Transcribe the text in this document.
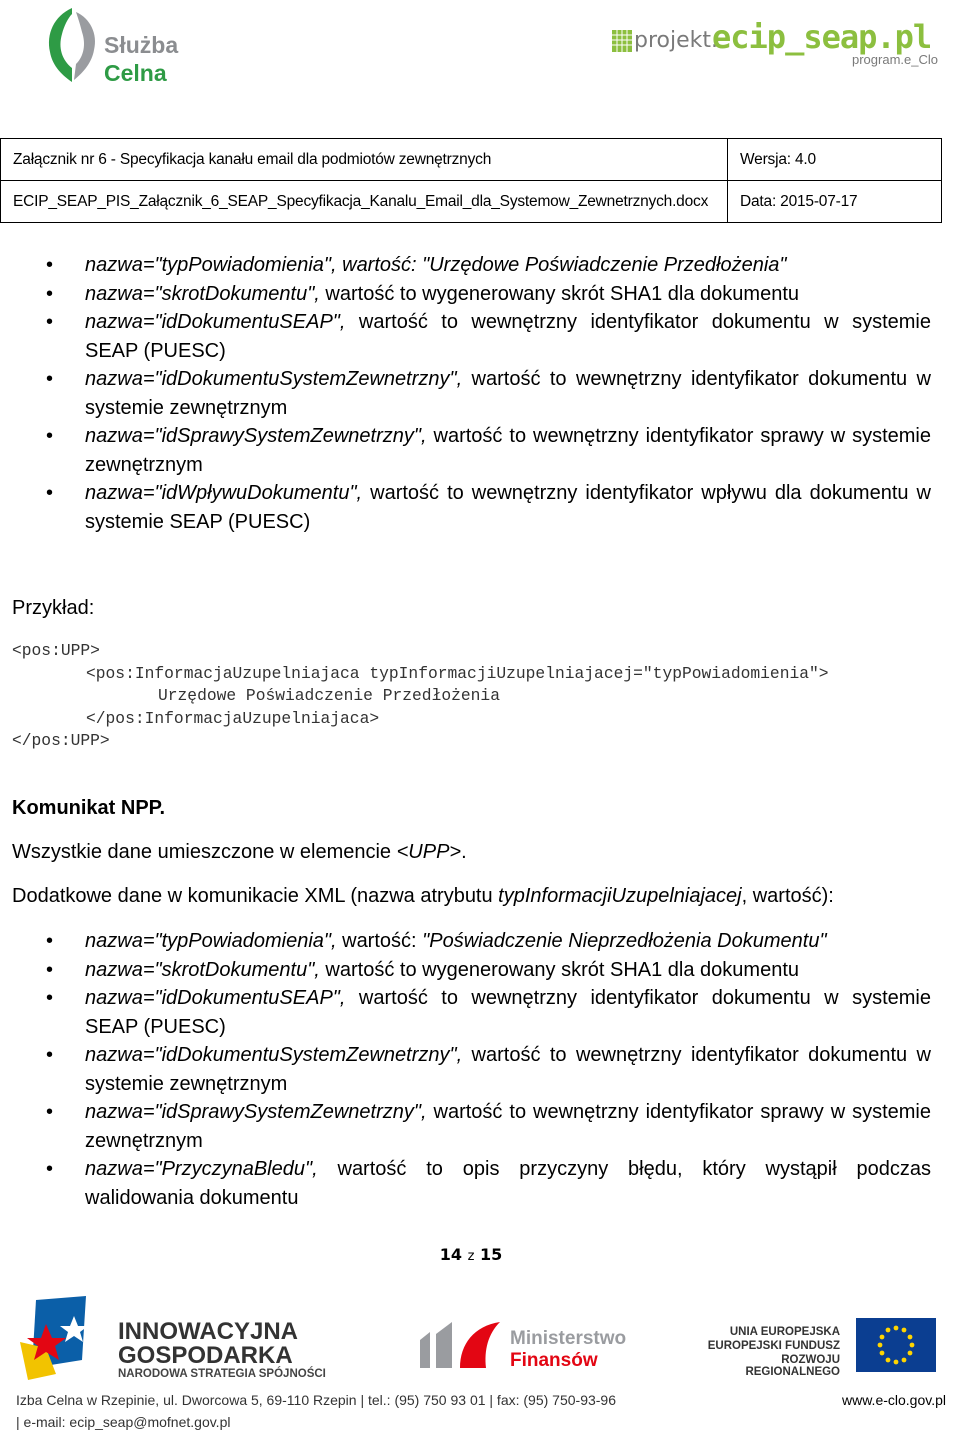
Służba
Celna
projekt.
ecip_seap.pl
program.e_Clo
Załącznik nr 6 - Specyfikacja kanału email dla podmiotów zewnętrznych	Wersja: 4.0
ECIP_SEAP_PIS_Załącznik_6_SEAP_Specyfikacja_Kanalu_Email_dla_Systemow_Zewnetrznych.docx	Data: 2015-07-17
• nazwa="typPowiadomienia", wartość: "Urzędowe Poświadczenie Przedłożenia"
• nazwa="skrotDokumentu", wartość to wygenerowany skrót SHA1 dla dokumentu
• nazwa="idDokumentuSEAP", wartość to wewnętrzny identyfikator dokumentu w systemie SEAP (PUESC)
• nazwa="idDokumentuSystemZewnetrzny", wartość to wewnętrzny identyfikator dokumentu w systemie zewnętrznym
• nazwa="idSprawySystemZewnetrzny", wartość to wewnętrzny identyfikator sprawy w systemie zewnętrznym
• nazwa="idWpływuDokumentu", wartość to wewnętrzny identyfikator wpływu dla dokumentu w systemie SEAP (PUESC)
Przykład:
<pos:UPP>
<pos:InformacjaUzupelniajaca typInformacjiUzupelniajacej="typPowiadomienia">
Urzędowe Poświadczenie Przedłożenia
</pos:InformacjaUzupelniajaca>
</pos:UPP>
Komunikat NPP.
Wszystkie dane umieszczone w elemencie <UPP>.
Dodatkowe dane w komunikacie XML (nazwa atrybutu typInformacjiUzupelniajacej, wartość):
• nazwa="typPowiadomienia", wartość: "Poświadczenie Nieprzedłożenia Dokumentu"
• nazwa="skrotDokumentu", wartość to wygenerowany skrót SHA1 dla dokumentu
• nazwa="idDokumentuSEAP", wartość to wewnętrzny identyfikator dokumentu w systemie SEAP (PUESC)
• nazwa="idDokumentuSystemZewnetrzny", wartość to wewnętrzny identyfikator dokumentu w systemie zewnętrznym
• nazwa="idSprawySystemZewnetrzny", wartość to wewnętrzny identyfikator sprawy w systemie zewnętrznym
• nazwa="PrzyczynaBledu", wartość to opis przyczyny błędu, który wystąpił podczas walidowania dokumentu
14 z 15
INNOWACYJNA
GOSPODARKA
NARODOWA STRATEGIA SPÓJNOŚCI
Ministerstwo
Finansów
UNIA EUROPEJSKA
EUROPEJSKI FUNDUSZ
ROZWOJU REGIONALNEGO
Izba Celna w Rzepinie, ul. Dworcowa 5, 69-110 Rzepin | tel.: (95) 750 93 01 | fax: (95) 750-93-96
| e-mail: ecip_seap@mofnet.gov.pl
www.e-clo.gov.pl
